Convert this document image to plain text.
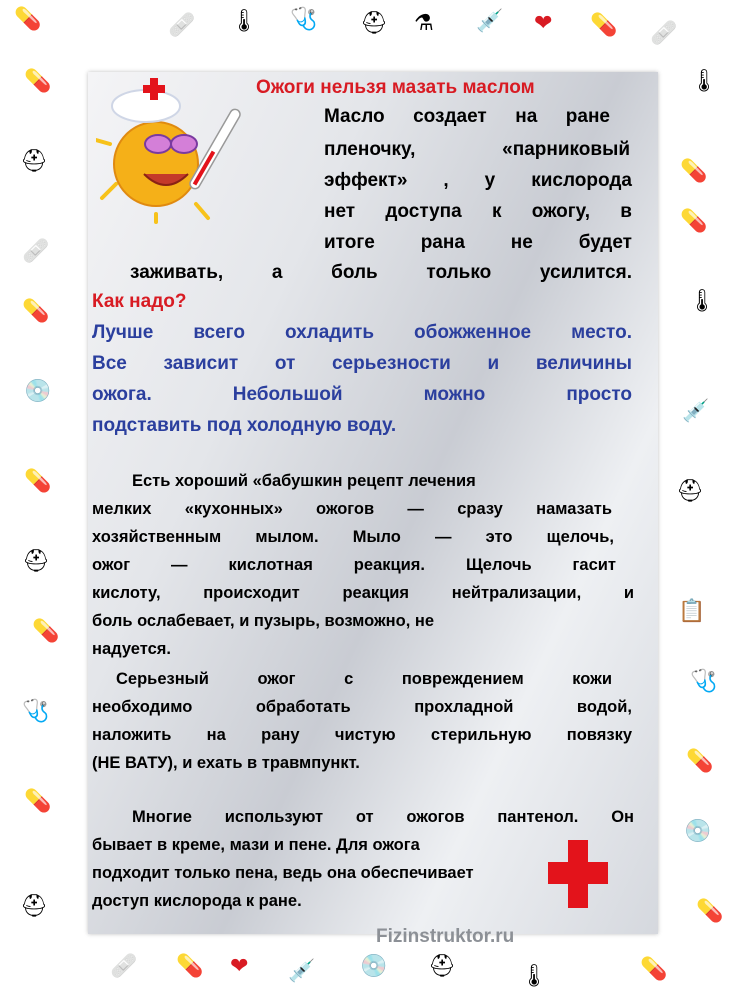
💊	🩹 🌡 🩺 ⛑ ⚗ 💉 ❤ 💊 🩹
💊
⛑
🩹
💊
💿
💊
⛑
💊
🩺
💊
⛑
🌡
💊
💊
🌡
💉
⛑
📋
🩺
💊
💿
💊
🩹 💊 ❤ 💉 💿 ⛑	🌡	💊
Ожоги нельзя мазать маслом
Масло создает на ране
пленочку, «парниковый
эффект» , у кислорода
нет доступа к ожогу, в
итоге рана не будет
заживать, а боль только усилится.
Как надо?
Лучше всего охладить обожженное место.
Все зависит от серьезности и величины
ожога. Небольшой можно просто
подставить под холодную воду.
Есть хороший «бабушкин рецепт лечения
мелких «кухонных» ожогов — сразу намазать
хозяйственным мылом. Мыло — это щелочь,
ожог — кислотная реакция. Щелочь гасит
кислоту, происходит реакция нейтрализации, и
боль ослабевает, и пузырь, возможно, не
надуется.
Серьезный ожог с повреждением кожи
необходимо обработать прохладной водой,
наложить на рану чистую стерильную повязку
(НЕ ВАТУ), и ехать в травмпункт.
Многие используют от ожогов пантенол. Он
бывает в креме, мази и пене. Для ожога
подходит только пена, ведь она обеспечивает
доступ кислорода к ране.
Fizinstruktor.ru
